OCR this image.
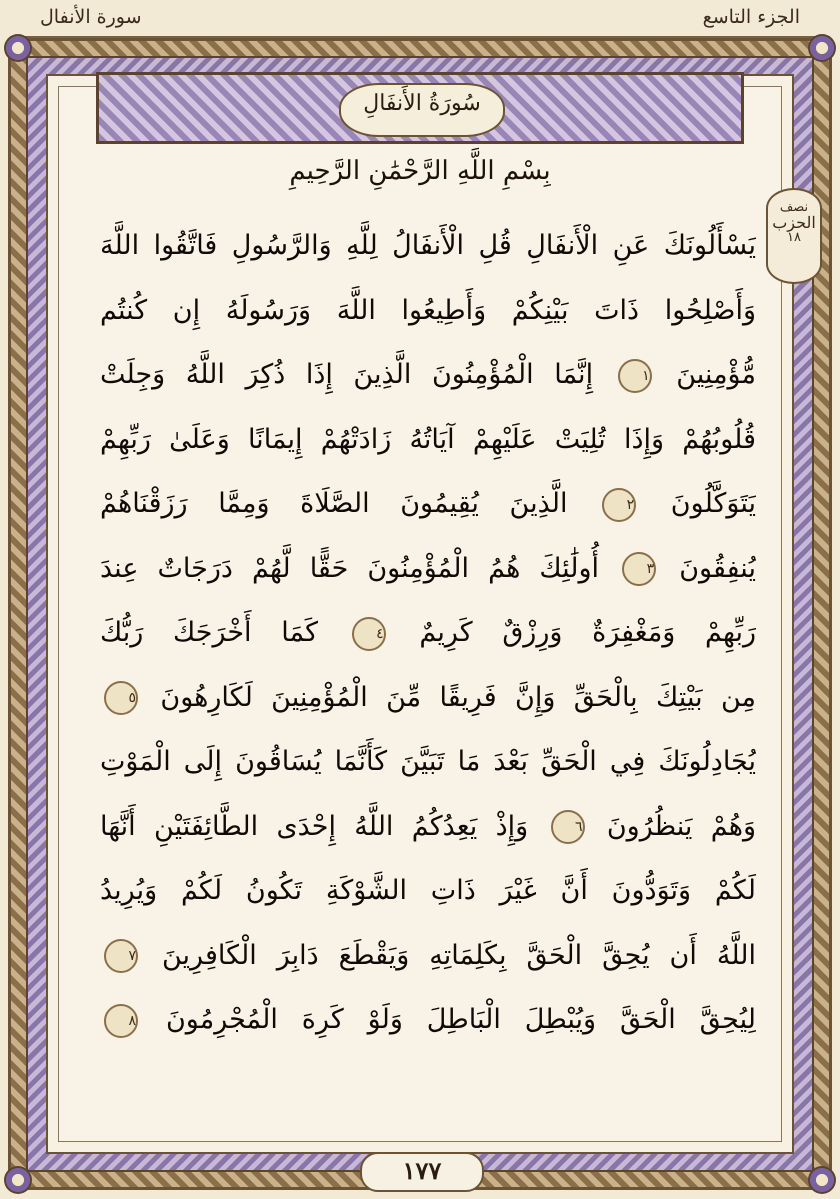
الجزء التاسع
سورة الأنفال
سُورَةُ الأَنفَالِ
بِسْمِ اللَّهِ الرَّحْمَٰنِ الرَّحِيمِ
نصف
الحزب
١٨
يَسْأَلُونَكَ عَنِ الْأَنفَالِ قُلِ الْأَنفَالُ لِلَّهِ وَالرَّسُولِ فَاتَّقُوا اللَّهَ
وَأَصْلِحُوا ذَاتَ بَيْنِكُمْ وَأَطِيعُوا اللَّهَ وَرَسُولَهُ إِن كُنتُم
مُّؤْمِنِينَ ١ إِنَّمَا الْمُؤْمِنُونَ الَّذِينَ إِذَا ذُكِرَ اللَّهُ وَجِلَتْ
قُلُوبُهُمْ وَإِذَا تُلِيَتْ عَلَيْهِمْ آيَاتُهُ زَادَتْهُمْ إِيمَانًا وَعَلَىٰ رَبِّهِمْ
يَتَوَكَّلُونَ ٢ الَّذِينَ يُقِيمُونَ الصَّلَاةَ وَمِمَّا رَزَقْنَاهُمْ
يُنفِقُونَ ٣ أُولَٰئِكَ هُمُ الْمُؤْمِنُونَ حَقًّا لَّهُمْ دَرَجَاتٌ عِندَ
رَبِّهِمْ وَمَغْفِرَةٌ وَرِزْقٌ كَرِيمٌ ٤ كَمَا أَخْرَجَكَ رَبُّكَ
مِن بَيْتِكَ بِالْحَقِّ وَإِنَّ فَرِيقًا مِّنَ الْمُؤْمِنِينَ لَكَارِهُونَ ٥
يُجَادِلُونَكَ فِي الْحَقِّ بَعْدَ مَا تَبَيَّنَ كَأَنَّمَا يُسَاقُونَ إِلَى الْمَوْتِ
وَهُمْ يَنظُرُونَ ٦ وَإِذْ يَعِدُكُمُ اللَّهُ إِحْدَى الطَّائِفَتَيْنِ أَنَّهَا
لَكُمْ وَتَوَدُّونَ أَنَّ غَيْرَ ذَاتِ الشَّوْكَةِ تَكُونُ لَكُمْ وَيُرِيدُ
اللَّهُ أَن يُحِقَّ الْحَقَّ بِكَلِمَاتِهِ وَيَقْطَعَ دَابِرَ الْكَافِرِينَ ٧
لِيُحِقَّ الْحَقَّ وَيُبْطِلَ الْبَاطِلَ وَلَوْ كَرِهَ الْمُجْرِمُونَ ٨
١٧٧
